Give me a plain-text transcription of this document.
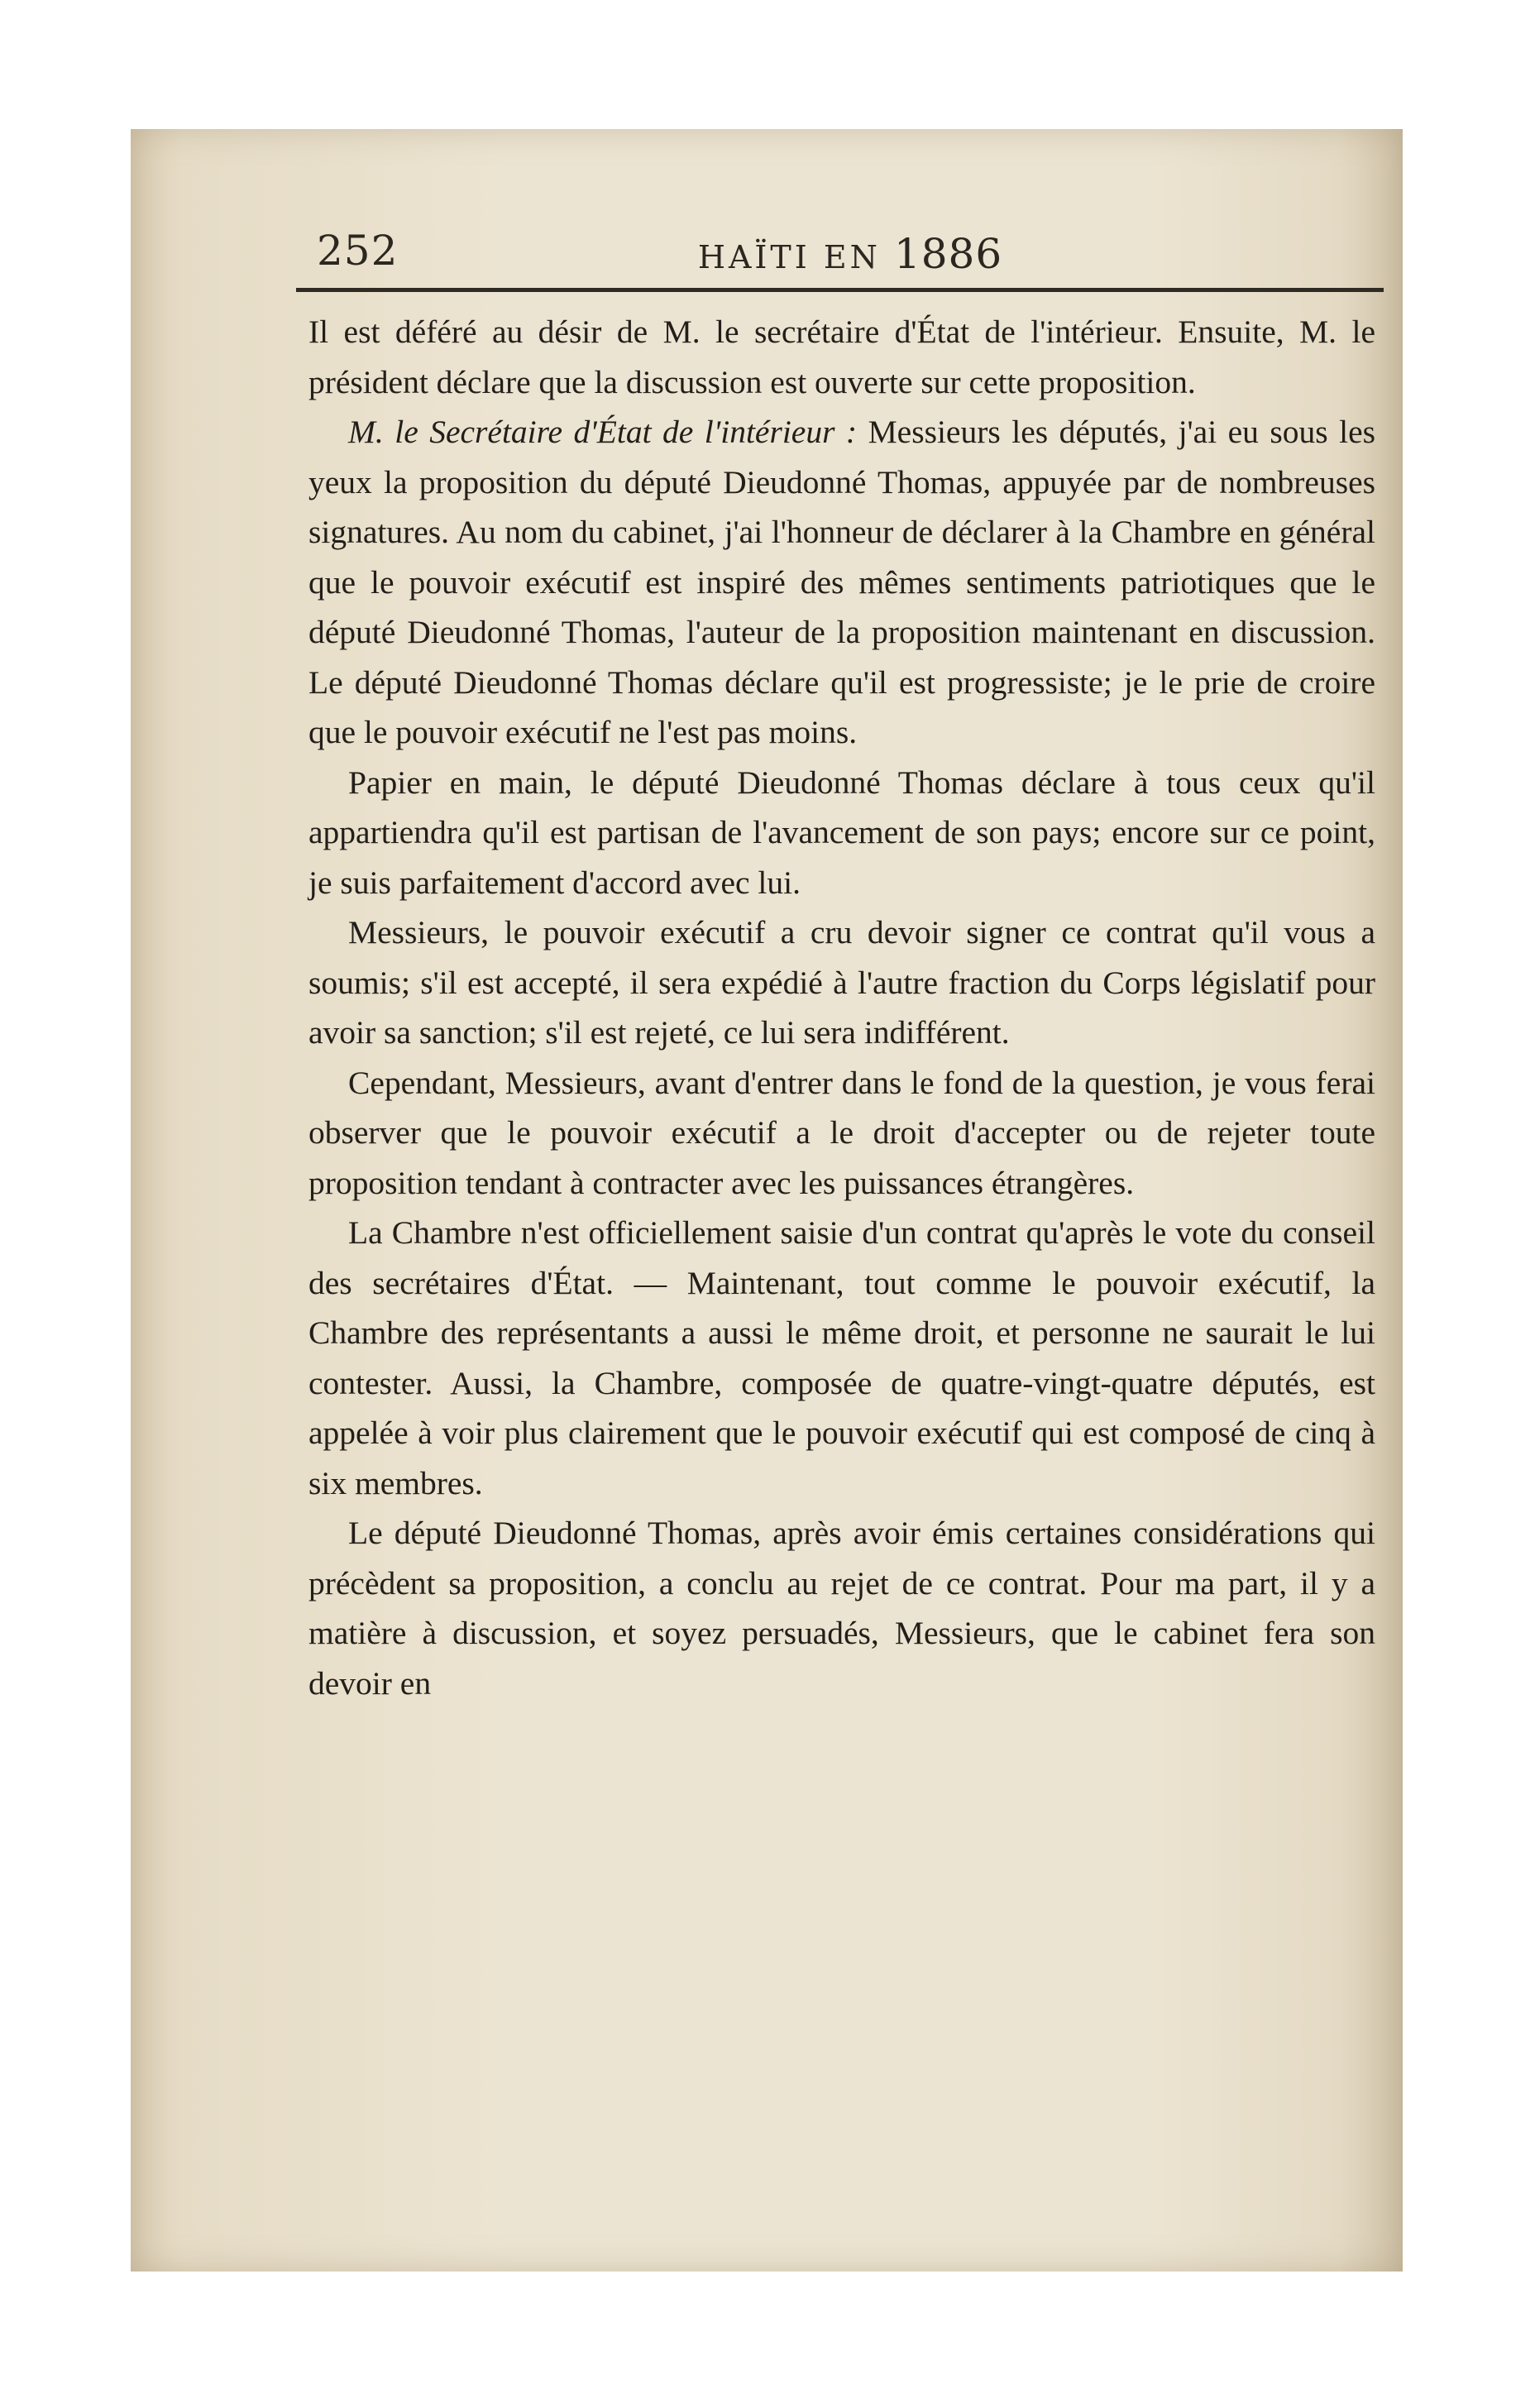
252	HAÏTI EN 1886

Il est déféré au désir de M. le secrétaire d'État de l'intérieur. Ensuite, M. le président déclare que la discussion est ouverte sur cette proposition.

M. le Secrétaire d'État de l'intérieur : Messieurs les députés, j'ai eu sous les yeux la proposition du député Dieudonné Thomas, appuyée par de nombreuses signatures. Au nom du cabinet, j'ai l'honneur de déclarer à la Chambre en général que le pouvoir exécutif est inspiré des mêmes sentiments patriotiques que le député Dieudonné Thomas, l'auteur de la proposition maintenant en discussion. Le député Dieudonné Thomas déclare qu'il est progressiste; je le prie de croire que le pouvoir exécutif ne l'est pas moins.

Papier en main, le député Dieudonné Thomas déclare à tous ceux qu'il appartiendra qu'il est partisan de l'avancement de son pays; encore sur ce point, je suis parfaitement d'accord avec lui.

Messieurs, le pouvoir exécutif a cru devoir signer ce contrat qu'il vous a soumis; s'il est accepté, il sera expédié à l'autre fraction du Corps législatif pour avoir sa sanction; s'il est rejeté, ce lui sera indifférent.

Cependant, Messieurs, avant d'entrer dans le fond de la question, je vous ferai observer que le pouvoir exécutif a le droit d'accepter ou de rejeter toute proposition tendant à contracter avec les puissances étrangères.

La Chambre n'est officiellement saisie d'un contrat qu'après le vote du conseil des secrétaires d'État. — Maintenant, tout comme le pouvoir exécutif, la Chambre des représentants a aussi le même droit, et personne ne saurait le lui contester. Aussi, la Chambre, composée de quatre-vingt-quatre députés, est appelée à voir plus clairement que le pouvoir exécutif qui est composé de cinq à six membres.

Le député Dieudonné Thomas, après avoir émis certaines considérations qui précèdent sa proposition, a conclu au rejet de ce contrat. Pour ma part, il y a matière à discussion, et soyez persuadés, Messieurs, que le cabinet fera son devoir en
